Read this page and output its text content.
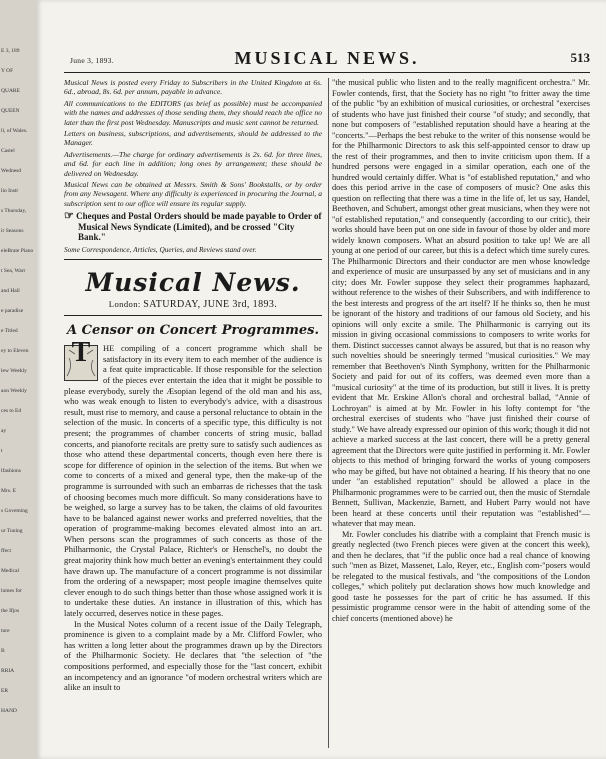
E 3, 189
Y OF
QUARE
QUEEN
ll, of Wales.
Castel
Wednesd
lio Instr
s Thursday,
ir Seasons
eleBrate Piano
t Sea, Warr
and Hall
e paradise
e Titled
ey to Eleven
lew Weekly
aon Weekly
ces to Ed
ay
t
lfashions
Mrs. E
s Goveming
ur Tuning
ffect
Medical
lumes for
the Ifjos
ture
B
RRIA
ER
HAND
June 3, 1893.	MUSICAL NEWS.	513

Musical News is posted every Friday to Subscribers in the United Kingdom at 6s. 6d., abroad, 8s. 6d. per annum, payable in advance.

All communications to the EDITORS (as brief as possible) must be accompanied with the names and addresses of those sending them, they should reach the office no later than the first post Wednesday. Manuscripts and music sent cannot be returned.

Letters on business, subscriptions, and advertisements, should be addressed to the Manager.

Advertisements.—The charge for ordinary advertisements is 2s. 6d. for three lines, and 6d. for each line in addition; long ones by arrangement; these should be delivered on Wednesday.

Musical News can be obtained at Messrs. Smith & Sons' Bookstalls, or by order from any Newsagent. Where any difficulty is experienced in procuring the Journal, a subscription sent to our office will ensure its regular supply.

☞ Cheques and Postal Orders should be made payable to Order of Musical News Syndicate (Limited), and be crossed "City Bank."

Some Correspondence, Articles, Queries, and Reviews stand over.

Musical News.
London: SATURDAY, JUNE 3rd, 1893.
A Censor on Concert Programmes.
T	HE compiling of a concert programme which shall be satisfactory in its every item to each member of the audience is a feat quite impracticable. If those responsible for the selection of the pieces ever entertain the idea that it might be possible to please everybody, surely the Æsopian legend of the old man and his ass, who was weak enough to listen to everybody's advice, with a disastrous result, must rise to memory, and cause a personal reluctance to obtain in the selection of the music. In concerts of a specific type, this difficulty is not present; the programmes of chamber concerts of string music, ballad concerts, and pianoforte recitals are pretty sure to satisfy such audiences as those who attend these departmental concerts, though even here there is scope for difference of opinion in the selection of the items. But when we come to concerts of a mixed and general type, then the make-up of the programme is surrounded with such an embarras de richesses that the task of choosing becomes much more difficult. So many considerations have to be weighed, so large a survey has to be taken, the claims of old favourites have to be balanced against newer works and preferred novelties, that the operation of programme-making becomes elevated almost into an art. When persons scan the programmes of such concerts as those of the Philharmonic, the Crystal Palace, Richter's or Henschel's, no doubt the great majority think how much better an evening's entertainment they could have drawn up. The manufacture of a concert programme is not dissimilar from the ordering of a newspaper; most people imagine themselves quite clever enough to do such things better than those whose assigned work it is to undertake these duties. An instance in illustration of this, which has lately occurred, deserves notice in these pages.

In the Musical Notes column of a recent issue of the Daily Telegraph, prominence is given to a complaint made by a Mr. Clifford Fowler, who has written a long letter about the programmes drawn up by the Directors of the Philharmonic Society. He declares that "the selection of "the compositions performed, and especially those for the "last concert, exhibit an incompetency and an ignorance "of modern orchestral writers which are alike an insult to

"the musical public who listen and to the really magnificent orchestra." Mr. Fowler contends, first, that the Society has no right "to fritter away the time of the public "by an exhibition of musical curiosities, or orchestral "exercises of students who have just finished their course "of study; and secondly, that none but composers of "established reputation should have a hearing at the "concerts."—Perhaps the best rebuke to the writer of this nonsense would be for the Philharmonic Directors to ask this self-appointed censor to draw up the rest of their programmes, and then to invite criticism upon them. If a hundred persons were engaged in a similar operation, each one of the hundred would certainly differ. What is "of established reputation," and who does this period arrive in the case of composers of music? One asks this question on reflecting that there was a time in the life of, let us say, Handel, Beethoven, and Schubert, amongst other great musicians, when they were not "of established reputation," and consequently (according to our critic), their works should have been put on one side in favour of those by older and more widely known composers. What an absurd position to take up! We are all young at one period of our career, but this is a defect which time surely cures. The Philharmonic Directors and their conductor are men whose knowledge and experience of music are unsurpassed by any set of musicians and in any city; does Mr. Fowler suppose they select their programmes haphazard, without reference to the wishes of their Subscribers, and with indifference to the best interests and progress of the art itself? If he thinks so, then he must be ignorant of the history and traditions of our famous old Society, and his opinions will only excite a smile. The Philharmonic is carrying out its mission in giving occasional commissions to composers to write works for them. Distinct successes cannot always be assured, but that is no reason why such novelties should be sneeringly termed "musical curiosities." We may remember that Beethoven's Ninth Symphony, written for the Philharmonic Society and paid for out of its coffers, was deemed even more than a "musical curiosity" at the time of its production, but still it lives. It is pretty evident that Mr. Erskine Allon's choral and orchestral ballad, "Annie of Lochroyan" is aimed at by Mr. Fowler in his lofty contempt for "the orchestral exercises of students who "have just finished their course of study." We have already expressed our opinion of this work; though it did not achieve a marked success at the last concert, there will be a pretty general agreement that the Directors were quite justified in performing it. Mr. Fowler objects to this method of bringing forward the works of young composers who may be gifted, but have not obtained a hearing. If his theory that no one under "an established reputation" should be allowed a place in the Philharmonic programmes were to be carried out, then the music of Sterndale Bennett, Sullivan, Mackenzie, Barnett, and Hubert Parry would not have been heard at these concerts until their reputation was "established"—whatever that may mean.

Mr. Fowler concludes his diatribe with a complaint that French music is greatly neglected (two French pieces were given at the concert this week), and then he declares, that "if the public once had a real chance of knowing such "men as Bizet, Massenet, Lalo, Reyer, etc., English com-"posers would be relegated to the musical festivals, and "the compositions of the London colleges," which politely put declaration shows how much knowledge and good taste he possesses for the part of critic he has assumed. If this pessimistic programme censor were in the habit of attending some of the chief concerts (mentioned above) he
